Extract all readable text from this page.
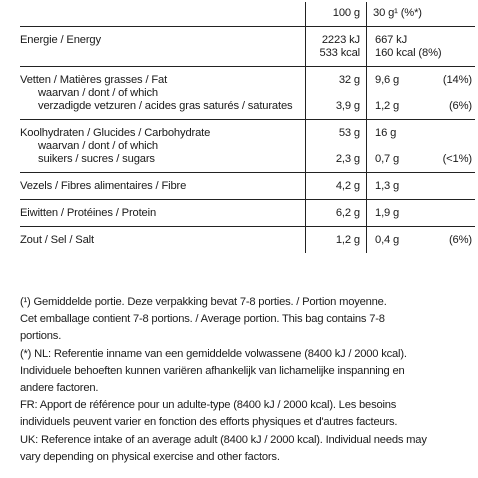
	100 g	30 g¹ (%*)	
Energie / Energy	2223 kJ	667 kJ	
	533 kcal	160 kcal (8%)	
Vetten / Matières grasses / Fat	32 g	9,6 g	(14%)
waarvan / dont / of which			
verzadigde vetzuren / acides gras saturés / saturates	3,9 g	1,2 g	(6%)
Koolhydraten / Glucides / Carbohydrate	53 g	16 g	
waarvan / dont / of which			
suikers / sucres / sugars	2,3 g	0,7 g	(<1%)
Vezels / Fibres alimentaires / Fibre	4,2 g	1,3 g	
Eiwitten / Protéines / Protein	6,2 g	1,9 g	
Zout / Sel / Salt	1,2 g	0,4 g	(6%)

(¹) Gemiddelde portie. Deze verpakking bevat 7-8 porties. / Portion moyenne.

Cet emballage contient 7-8 portions. / Average portion. This bag contains 7-8

portions.

(*) NL: Referentie inname van een gemiddelde volwassene (8400 kJ / 2000 kcal).

Individuele behoeften kunnen variëren afhankelijk van lichamelijke inspanning en

andere factoren.

FR: Apport de référence pour un adulte-type (8400 kJ / 2000 kcal). Les besoins

individuels peuvent varier en fonction des efforts physiques et d'autres facteurs.

UK: Reference intake of an average adult (8400 kJ / 2000 kcal). Individual needs may

vary depending on physical exercise and other factors.
